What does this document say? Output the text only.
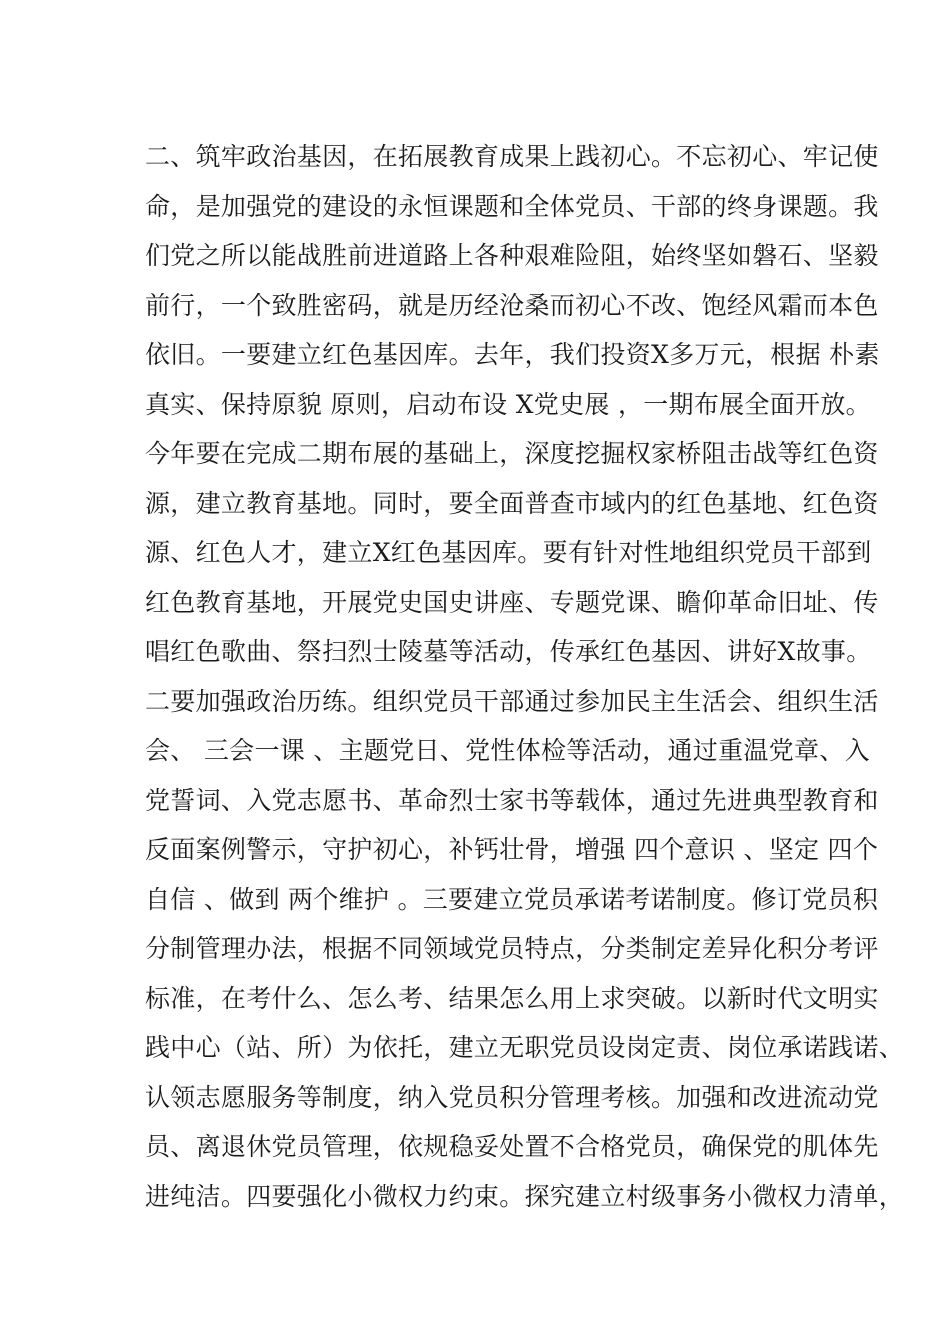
二、筑牢政治基因，在拓展教育成果上践初心。不忘初心、牢记使
命，是加强党的建设的永恒课题和全体党员、干部的终身课题。我
们党之所以能战胜前进道路上各种艰难险阻，始终坚如磐石、坚毅
前行，一个致胜密码，就是历经沧桑而初心不改、饱经风霜而本色
依旧。一要建立红色基因库。去年，我们投资X多万元，根据 朴素
真实、保持原貌 原则，启动布设 X党史展 ，一期布展全面开放。
今年要在完成二期布展的基础上，深度挖掘权家桥阻击战等红色资
源，建立教育基地。同时，要全面普查市域内的红色基地、红色资
源、红色人才，建立X红色基因库。要有针对性地组织党员干部到
红色教育基地，开展党史国史讲座、专题党课、瞻仰革命旧址、传
唱红色歌曲、祭扫烈士陵墓等活动，传承红色基因、讲好X故事。
二要加强政治历练。组织党员干部通过参加民主生活会、组织生活
会、 三会一课 、主题党日、党性体检等活动，通过重温党章、入
党誓词、入党志愿书、革命烈士家书等载体，通过先进典型教育和
反面案例警示，守护初心，补钙壮骨，增强 四个意识 、坚定 四个
自信 、做到 两个维护 。三要建立党员承诺考诺制度。修订党员积
分制管理办法，根据不同领域党员特点，分类制定差异化积分考评
标准，在考什么、怎么考、结果怎么用上求突破。以新时代文明实
践中心（站、所）为依托，建立无职党员设岗定责、岗位承诺践诺、
认领志愿服务等制度，纳入党员积分管理考核。加强和改进流动党
员、离退休党员管理，依规稳妥处置不合格党员，确保党的肌体先
进纯洁。四要强化小微权力约束。探究建立村级事务小微权力清单，
